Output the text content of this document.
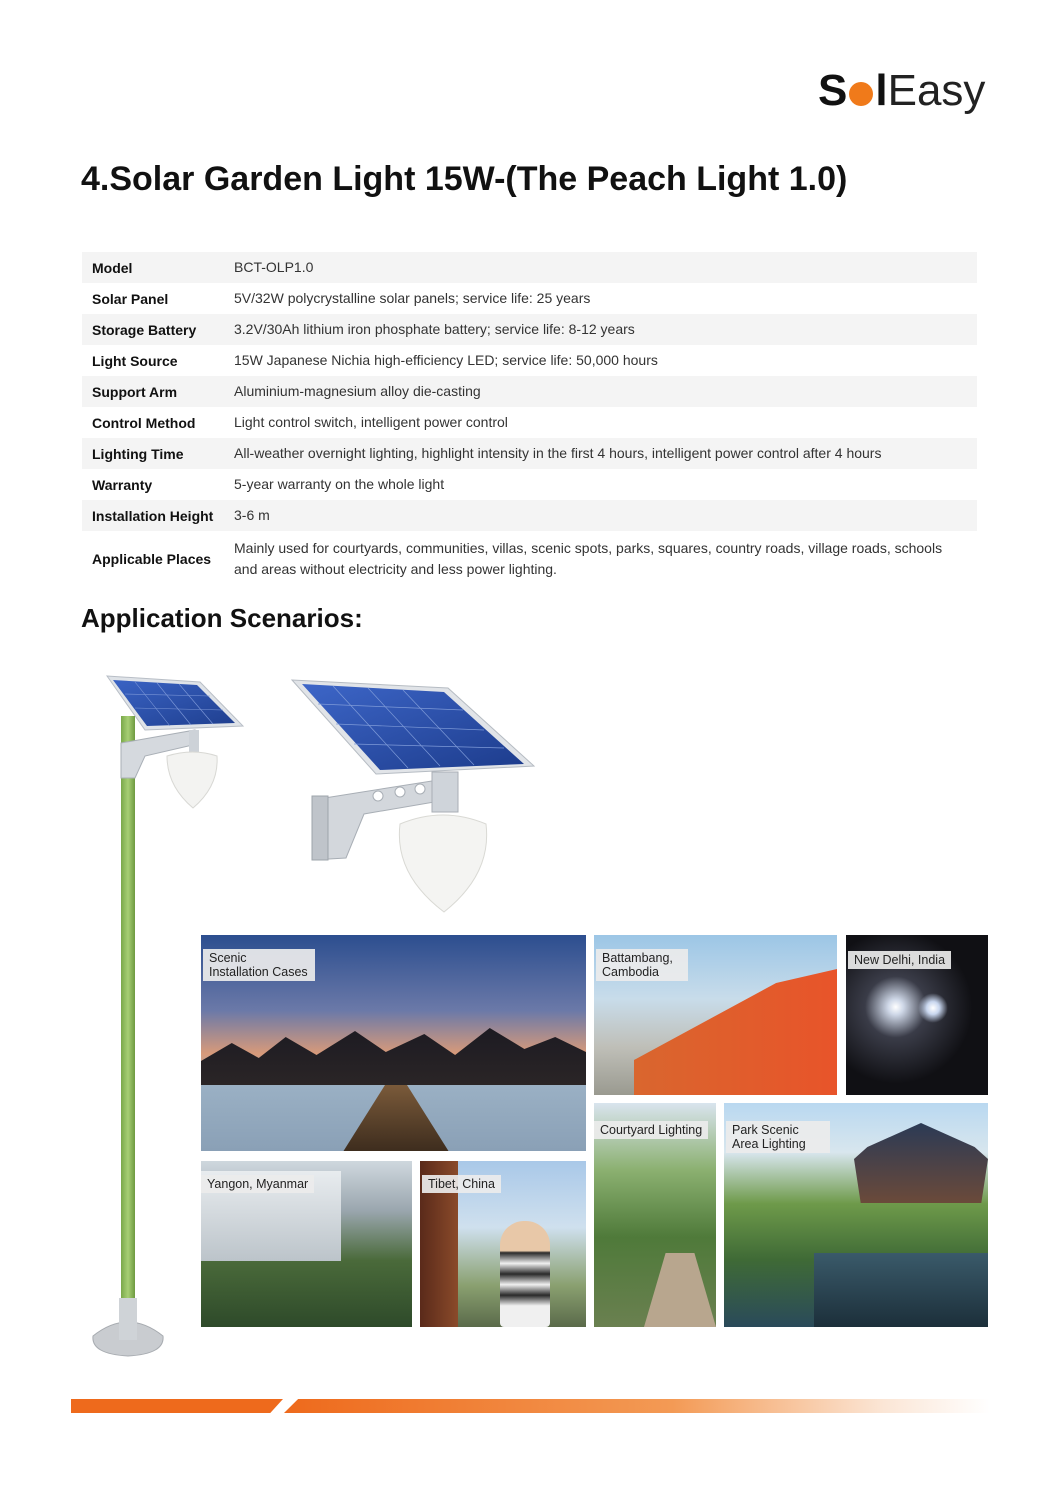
S l Easy
4.Solar Garden Light 15W-(The Peach Light 1.0)
Model	BCT-OLP1.0
Solar Panel	5V/32W polycrystalline solar panels; service life: 25 years
Storage Battery	3.2V/30Ah lithium iron phosphate battery; service life: 8-12 years
Light Source	15W Japanese Nichia high-efficiency LED; service life: 50,000 hours
Support Arm	Aluminium-magnesium alloy die-casting
Control Method	Light control switch, intelligent power control
Lighting Time	All-weather overnight lighting, highlight intensity in the first 4 hours, intelligent power control after 4 hours
Warranty	5-year warranty on the whole light
Installation Height	3-6 m
Applicable Places	Mainly used for courtyards, communities, villas, scenic spots, parks, squares, country roads, village roads, schools and areas without electricity and less power lighting.
Application Scenarios:
Scenic Installation Cases
Battambang, Cambodia
New Delhi, India
Courtyard Lighting	Park Scenic Area Lighting
Yangon, Myanmar	Tibet, China
